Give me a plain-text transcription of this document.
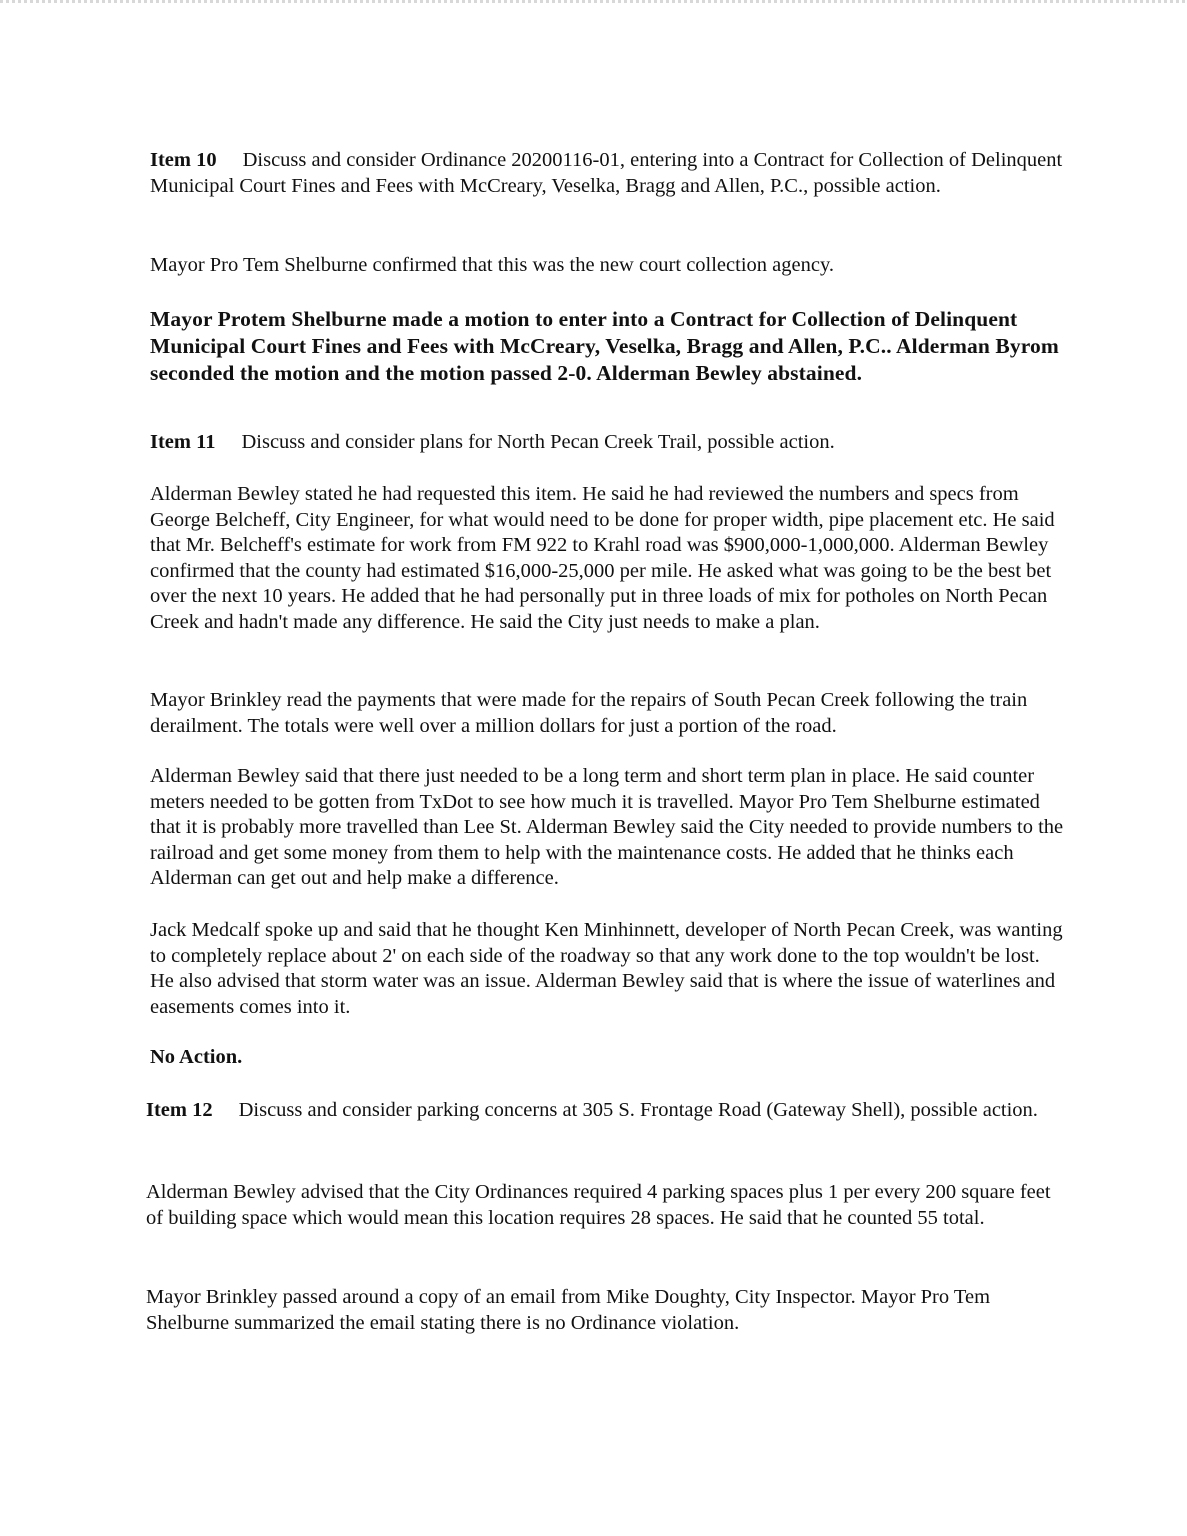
Item 10 Discuss and consider Ordinance 20200116-01, entering into a Contract for Collection of Delinquent Municipal Court Fines and Fees with McCreary, Veselka, Bragg and Allen, P.C., possible action.

Mayor Pro Tem Shelburne confirmed that this was the new court collection agency.

Mayor Protem Shelburne made a motion to enter into a Contract for Collection of Delinquent Municipal Court Fines and Fees with McCreary, Veselka, Bragg and Allen, P.C.. Alderman Byrom seconded the motion and the motion passed 2-0. Alderman Bewley abstained.

Item 11 Discuss and consider plans for North Pecan Creek Trail, possible action.

Alderman Bewley stated he had requested this item. He said he had reviewed the numbers and specs from George Belcheff, City Engineer, for what would need to be done for proper width, pipe placement etc. He said that Mr. Belcheff's estimate for work from FM 922 to Krahl road was $900,000-1,000,000. Alderman Bewley confirmed that the county had estimated $16,000-25,000 per mile. He asked what was going to be the best bet over the next 10 years. He added that he had personally put in three loads of mix for potholes on North Pecan Creek and hadn't made any difference. He said the City just needs to make a plan.

Mayor Brinkley read the payments that were made for the repairs of South Pecan Creek following the train derailment. The totals were well over a million dollars for just a portion of the road.

Alderman Bewley said that there just needed to be a long term and short term plan in place. He said counter meters needed to be gotten from TxDot to see how much it is travelled. Mayor Pro Tem Shelburne estimated that it is probably more travelled than Lee St. Alderman Bewley said the City needed to provide numbers to the railroad and get some money from them to help with the maintenance costs. He added that he thinks each Alderman can get out and help make a difference.

Jack Medcalf spoke up and said that he thought Ken Minhinnett, developer of North Pecan Creek, was wanting to completely replace about 2' on each side of the roadway so that any work done to the top wouldn't be lost. He also advised that storm water was an issue. Alderman Bewley said that is where the issue of waterlines and easements comes into it.

No Action.

Item 12 Discuss and consider parking concerns at 305 S. Frontage Road (Gateway Shell), possible action.

Alderman Bewley advised that the City Ordinances required 4 parking spaces plus 1 per every 200 square feet of building space which would mean this location requires 28 spaces. He said that he counted 55 total.

Mayor Brinkley passed around a copy of an email from Mike Doughty, City Inspector. Mayor Pro Tem Shelburne summarized the email stating there is no Ordinance violation.
